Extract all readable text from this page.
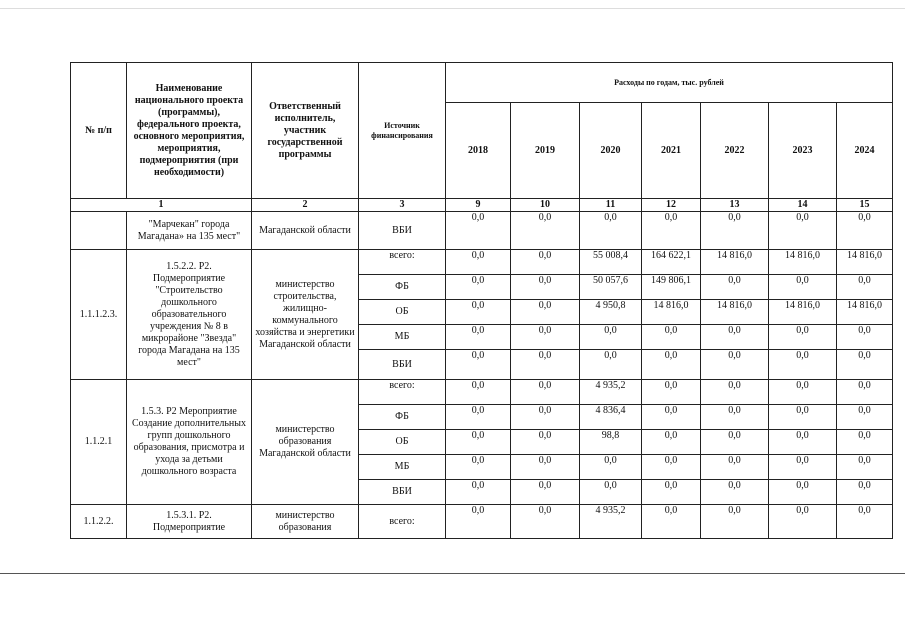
№ п/п	Наименование национального проекта (программы), федерального проекта, основного мероприятия, мероприятия, подмероприятия (при необходимости)	Ответственный исполнитель, участник государственной программы	Источник финансирования	Расходы по годам, тыс. рублей						
				2018	2019	2020	2021	2022	2023	2024
1		2	3	9	10	11	12	13	14	15

	"Марчекан" города Магадана» на 135 мест"	Магаданской области	ВБИ	0,0	0,0	0,0	0,0	0,0	0,0	0,0
1.1.1.2.3.	1.5.2.2. Р2. Подмероприятие "Строительство дошкольного образовательного учреждения № 8 в микрорайоне "Звезда" города Магадана на 135 мест"	министерство строительства, жилищно-коммунального хозяйства и энергетики Магаданской области	всего:	0,0	0,0	55 008,4	164 622,1	14 816,0	14 816,0	14 816,0
			ФБ	0,0	0,0	50 057,6	149 806,1	0,0	0,0	0,0
			ОБ	0,0	0,0	4 950,8	14 816,0	14 816,0	14 816,0	14 816,0
			МБ	0,0	0,0	0,0	0,0	0,0	0,0	0,0
			ВБИ	0,0	0,0	0,0	0,0	0,0	0,0	0,0
1.1.2.1	1.5.3. Р2 Мероприятие Создание дополнительных групп дошкольного образования, присмотра и ухода за детьми дошкольного возраста	министерство образования Магаданской области	всего:	0,0	0,0	4 935,2	0,0	0,0	0,0	0,0
			ФБ	0,0	0,0	4 836,4	0,0	0,0	0,0	0,0
			ОБ	0,0	0,0	98,8	0,0	0,0	0,0	0,0
			МБ	0,0	0,0	0,0	0,0	0,0	0,0	0,0
			ВБИ	0,0	0,0	0,0	0,0	0,0	0,0	0,0
1.1.2.2.	1.5.3.1. Р2. Подмероприятие	министерство образования	всего:	0,0	0,0	4 935,2	0,0	0,0	0,0	0,0
